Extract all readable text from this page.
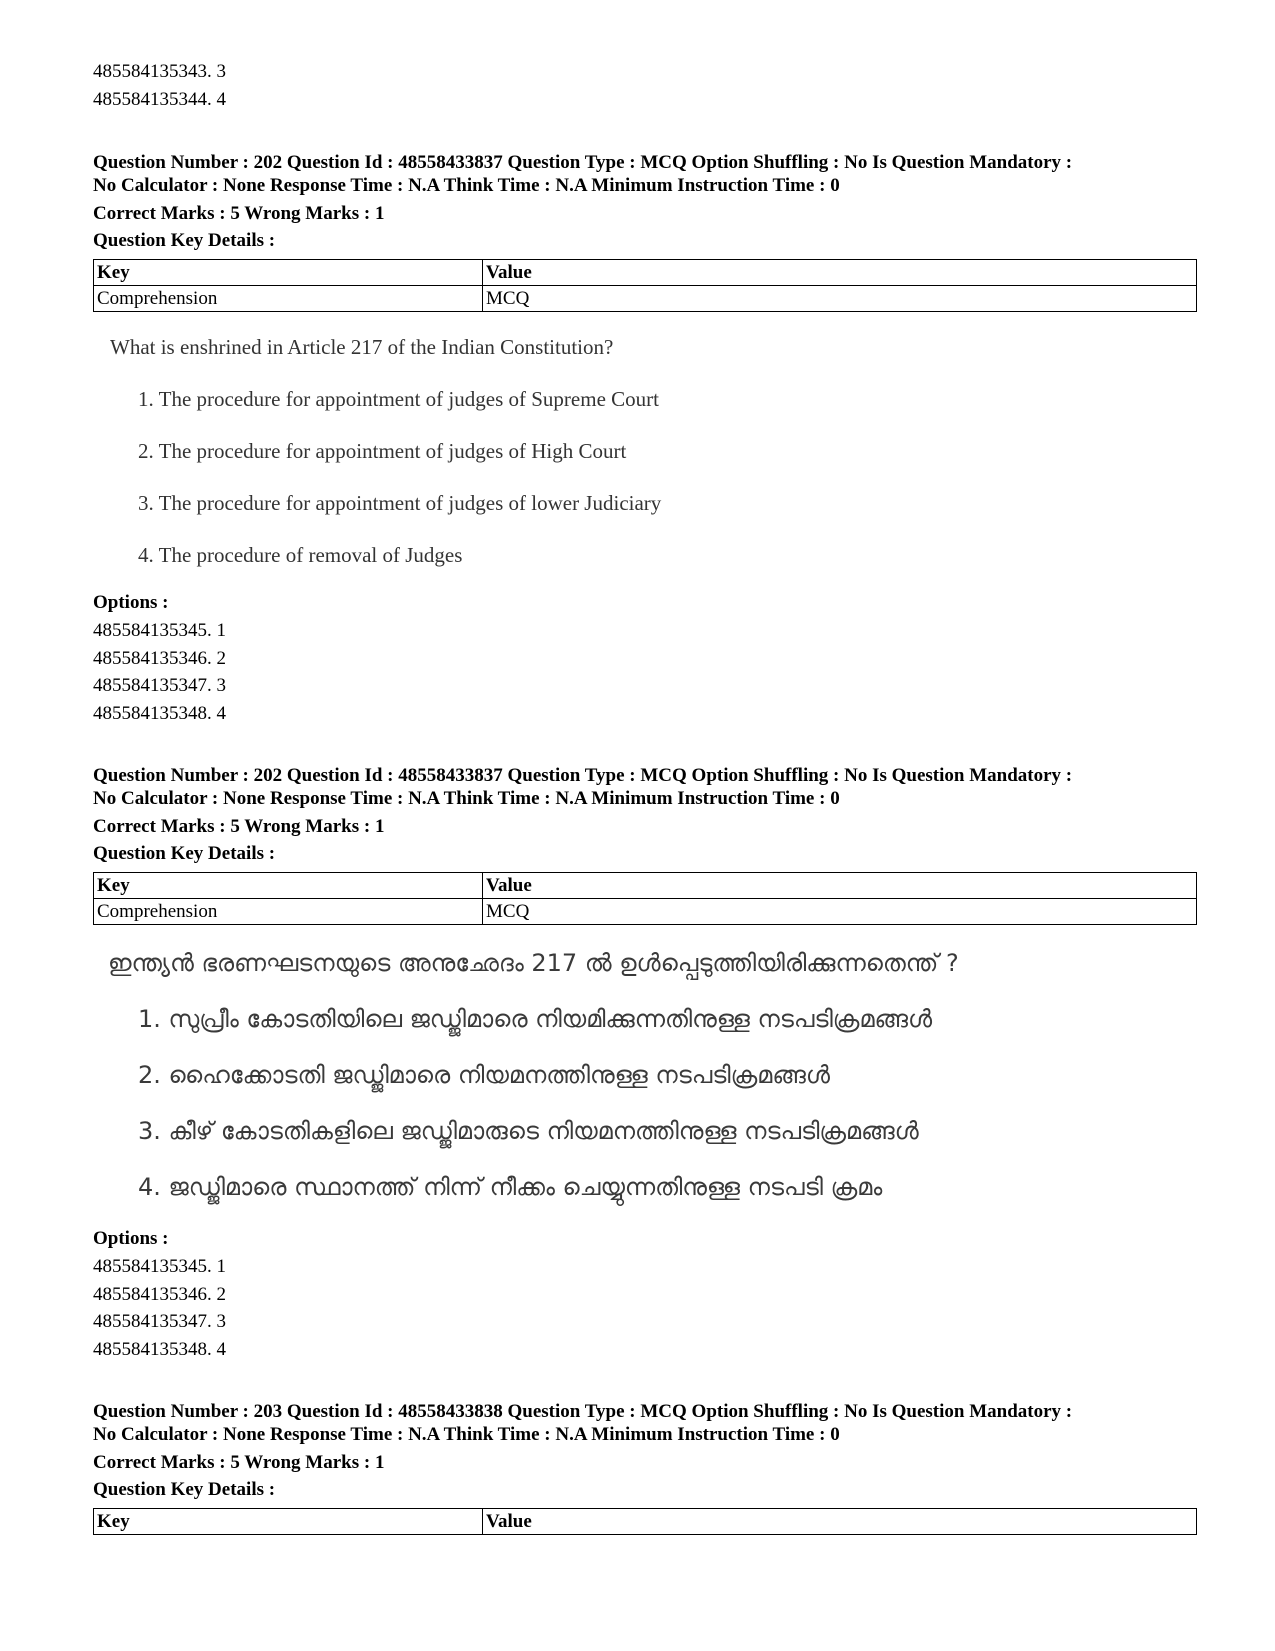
485584135343. 3
485584135344. 4
Question Number : 202 Question Id : 48558433837 Question Type : MCQ Option Shuffling : No Is Question Mandatory :
No Calculator : None Response Time : N.A Think Time : N.A Minimum Instruction Time : 0
Correct Marks : 5 Wrong Marks : 1
Question Key Details :
Key	Value
Comprehension	MCQ
What is enshrined in Article 217 of the Indian Constitution?
1. The procedure for appointment of judges of Supreme Court
2. The procedure for appointment of judges of High Court
3. The procedure for appointment of judges of lower Judiciary
4. The procedure of removal of Judges
Options :
485584135345. 1
485584135346. 2
485584135347. 3
485584135348. 4
Question Number : 202 Question Id : 48558433837 Question Type : MCQ Option Shuffling : No Is Question Mandatory :
No Calculator : None Response Time : N.A Think Time : N.A Minimum Instruction Time : 0
Correct Marks : 5 Wrong Marks : 1
Question Key Details :
Key	Value
Comprehension	MCQ
ഇന്ത്യൻ ഭരണഘടനയുടെ അനുഛേദം 217 ൽ ഉൾപ്പെടുത്തിയിരിക്കുന്നതെന്ത് ?
1. സുപ്രീം കോടതിയിലെ ജഡ്ജിമാരെ നിയമിക്കുന്നതിനുള്ള നടപടിക്രമങ്ങൾ
2. ഹൈക്കോടതി ജഡ്ജിമാരെ നിയമനത്തിനുള്ള നടപടിക്രമങ്ങൾ
3. കീഴ് കോടതികളിലെ ജഡ്ജിമാരുടെ നിയമനത്തിനുള്ള നടപടിക്രമങ്ങൾ
4. ജഡ്ജിമാരെ സ്ഥാനത്ത് നിന്ന് നീക്കം ചെയ്യുന്നതിനുള്ള നടപടി ക്രമം
Options :
485584135345. 1
485584135346. 2
485584135347. 3
485584135348. 4
Question Number : 203 Question Id : 48558433838 Question Type : MCQ Option Shuffling : No Is Question Mandatory :
No Calculator : None Response Time : N.A Think Time : N.A Minimum Instruction Time : 0
Correct Marks : 5 Wrong Marks : 1
Question Key Details :
Key	Value
